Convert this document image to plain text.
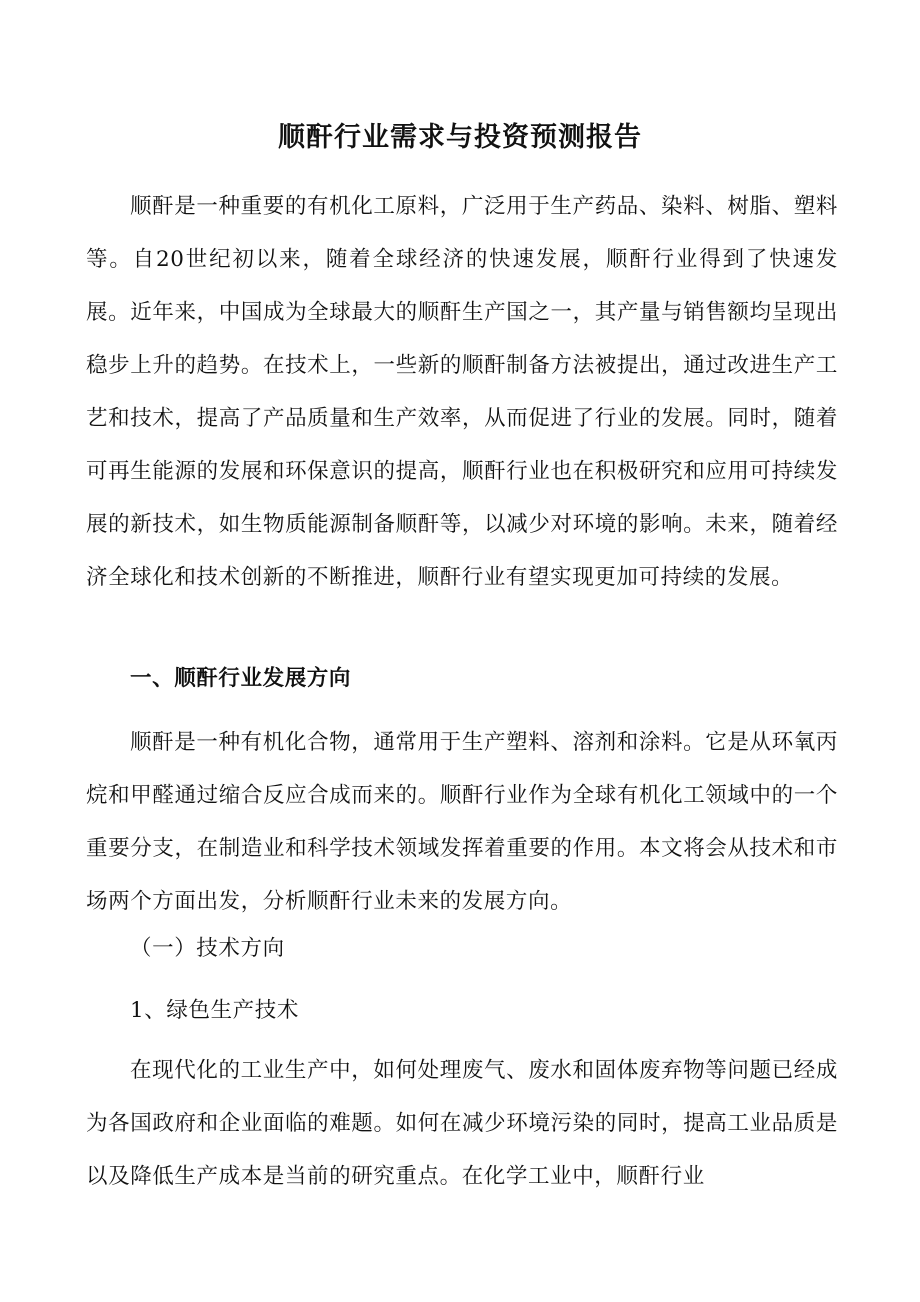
顺酐行业需求与投资预测报告

顺酐是一种重要的有机化工原料，广泛用于生产药品、染料、树脂、塑料等。自20世纪初以来，随着全球经济的快速发展，顺酐行业得到了快速发展。近年来，中国成为全球最大的顺酐生产国之一，其产量与销售额均呈现出稳步上升的趋势。在技术上，一些新的顺酐制备方法被提出，通过改进生产工艺和技术，提高了产品质量和生产效率，从而促进了行业的发展。同时，随着可再生能源的发展和环保意识的提高，顺酐行业也在积极研究和应用可持续发展的新技术，如生物质能源制备顺酐等，以减少对环境的影响。未来，随着经济全球化和技术创新的不断推进，顺酐行业有望实现更加可持续的发展。

一、顺酐行业发展方向

顺酐是一种有机化合物，通常用于生产塑料、溶剂和涂料。它是从环氧丙烷和甲醛通过缩合反应合成而来的。顺酐行业作为全球有机化工领域中的一个重要分支，在制造业和科学技术领域发挥着重要的作用。本文将会从技术和市场两个方面出发，分析顺酐行业未来的发展方向。

（一）技术方向
1、绿色生产技术

在现代化的工业生产中，如何处理废气、废水和固体废弃物等问题已经成为各国政府和企业面临的难题。如何在减少环境污染的同时，提高工业品质是以及降低生产成本是当前的研究重点。在化学工业中，顺酐行业
